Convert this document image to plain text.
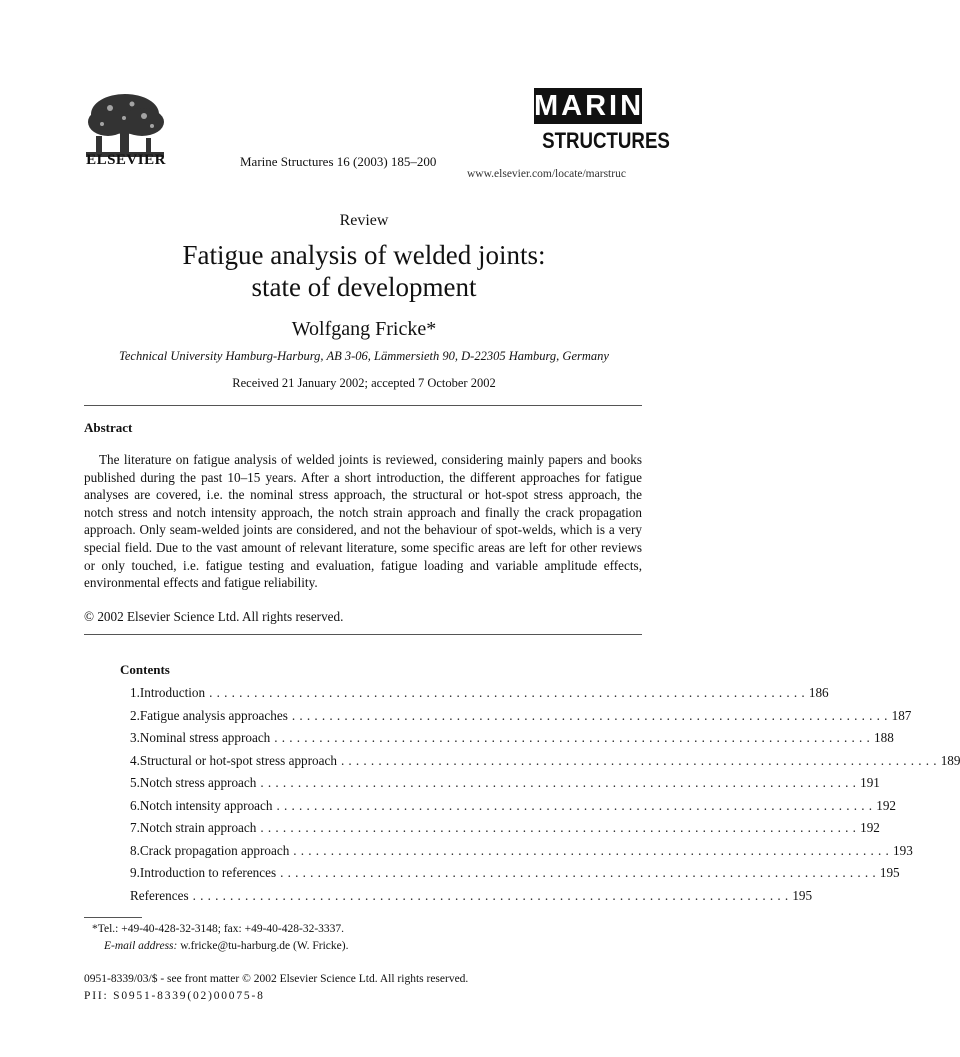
ELSEVIER	Marine Structures 16 (2003) 185–200
MARINE
STRUCTURES
www.elsevier.com/locate/marstruc
Review
Fatigue analysis of welded joints:
state of development
Wolfgang Fricke*
Technical University Hamburg-Harburg, AB 3-06, Lämmersieth 90, D-22305 Hamburg, Germany
Received 21 January 2002; accepted 7 October 2002
Abstract

The literature on fatigue analysis of welded joints is reviewed, considering mainly papers and books published during the past 10–15 years. After a short introduction, the different approaches for fatigue analyses are covered, i.e. the nominal stress approach, the structural or hot-spot stress approach, the notch stress and notch intensity approach, the notch strain approach and finally the crack propagation approach. Only seam-welded joints are considered, and not the behaviour of spot-welds, which is a very special field. Due to the vast amount of relevant literature, some specific areas are left for other reviews or only touched, i.e. fatigue testing and evaluation, fatigue loading and variable amplitude effects, environmental effects and fatigue reliability.

© 2002 Elsevier Science Ltd. All rights reserved.
Contents
1. Introduction ................................................................................ 186
2. Fatigue analysis approaches ................................................................................ 187
3. Nominal stress approach ................................................................................ 188
4. Structural or hot-spot stress approach ................................................................................ 189
5. Notch stress approach ................................................................................ 191
6. Notch intensity approach ................................................................................ 192
7. Notch strain approach ................................................................................ 192
8. Crack propagation approach ................................................................................ 193
9. Introduction to references ................................................................................ 195
References ................................................................................ 195
*Tel.: +49-40-428-32-3148; fax: +49-40-428-32-3337.
E-mail address: w.fricke@tu-harburg.de (W. Fricke).
0951-8339/03/$ - see front matter © 2002 Elsevier Science Ltd. All rights reserved.
PII: S0951-8339(02)00075-8
